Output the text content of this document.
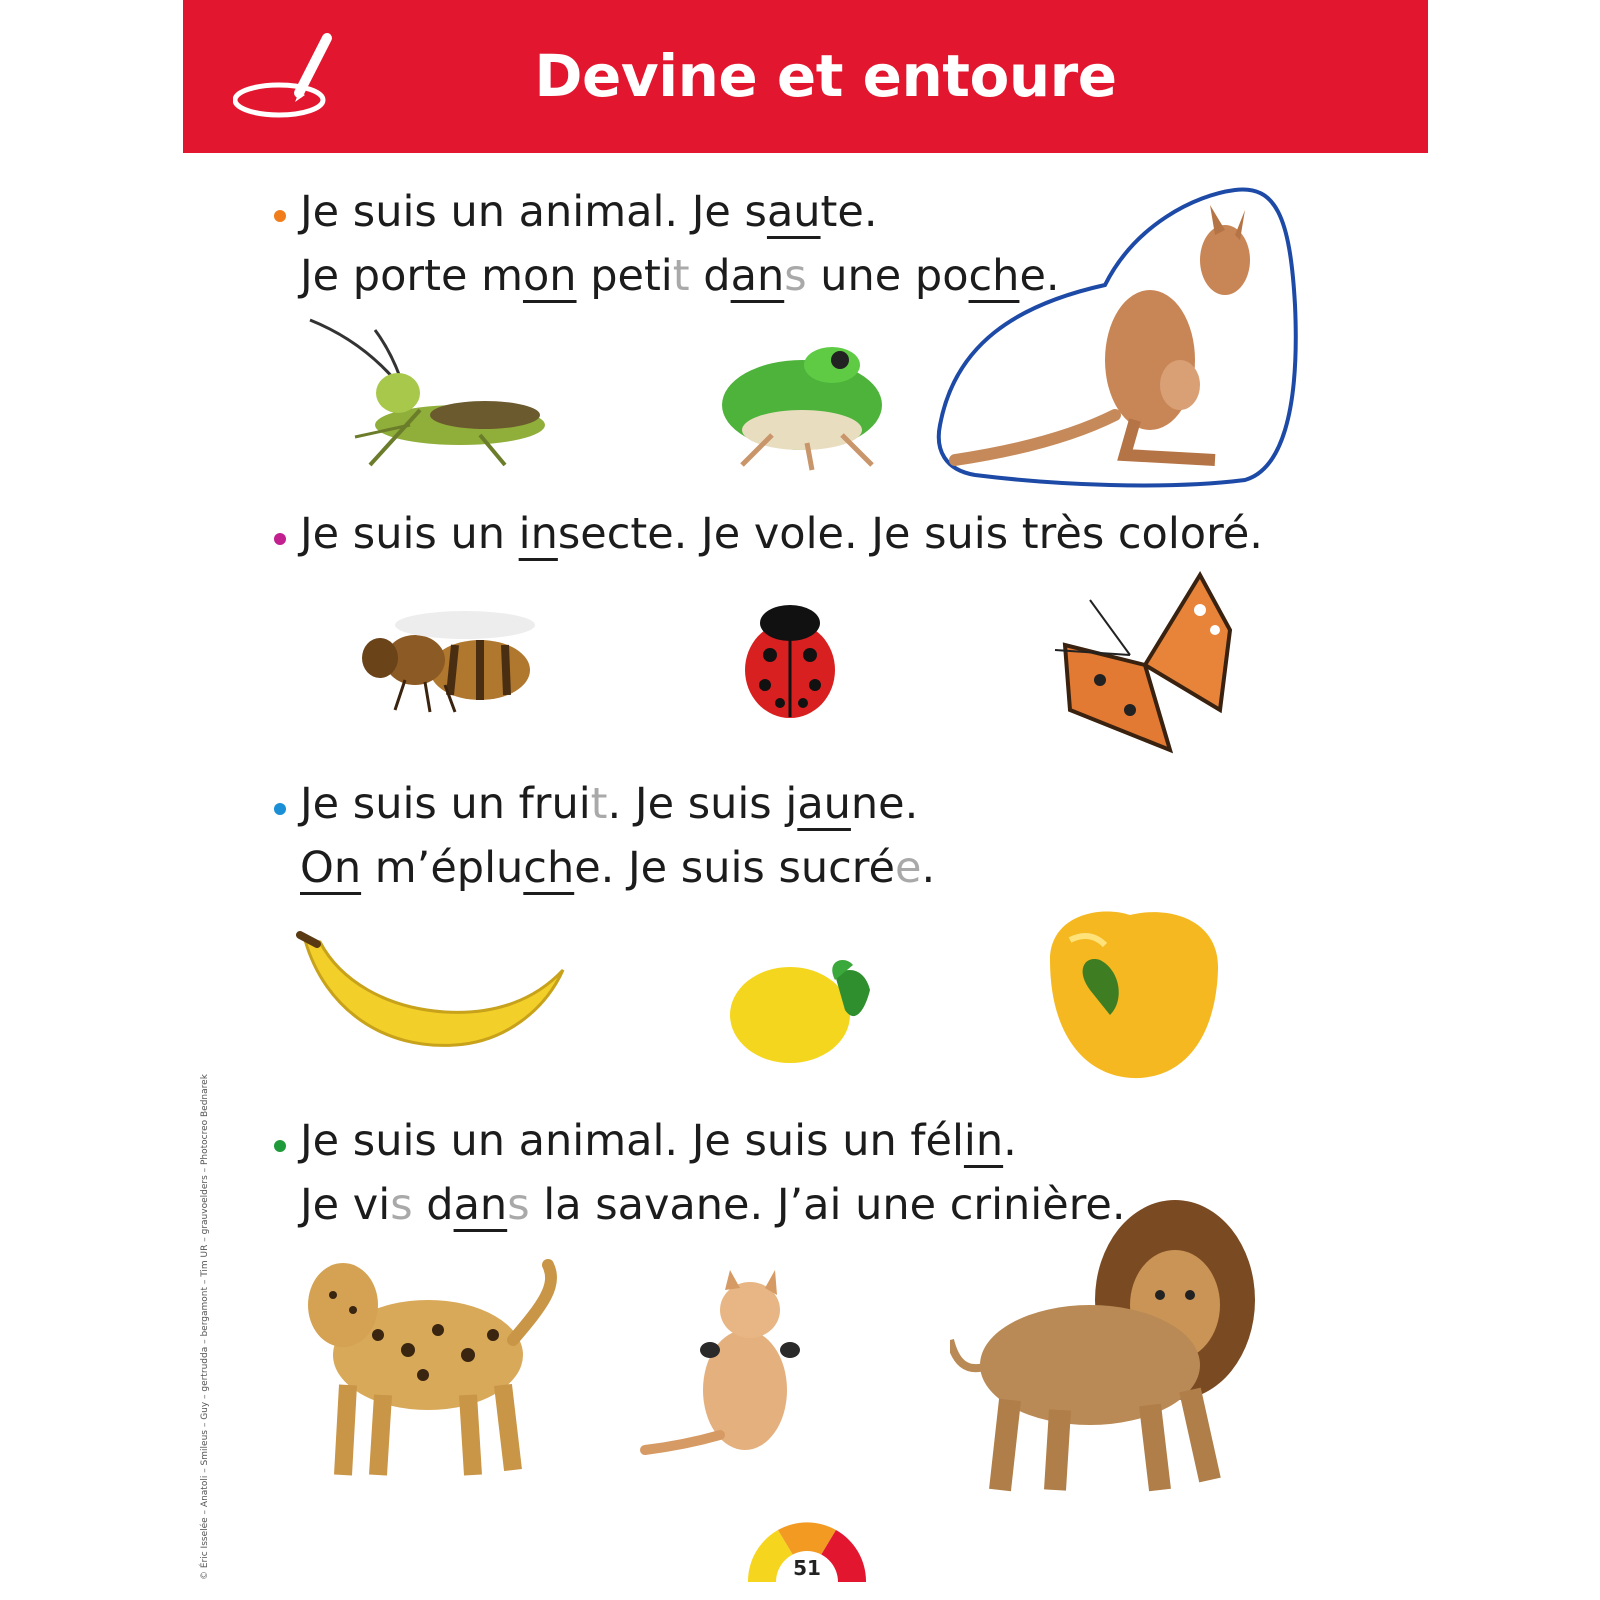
Devine et entoure
Je suis un animal. Je saute.
Je porte mon petit dans une poche.
Je suis un insecte. Je vole. Je suis très coloré.
Je suis un fruit. Je suis jaune.
On m’épluche. Je suis sucrée.
Je suis un animal. Je suis un félin.
Je vis dans la savane. J’ai une crinière.
© Éric Isselée – Anatoli – Smileus – Guy – gertrudda – bergamont – Tim UR – grauvoelders – Photocreo Bednarek	51
